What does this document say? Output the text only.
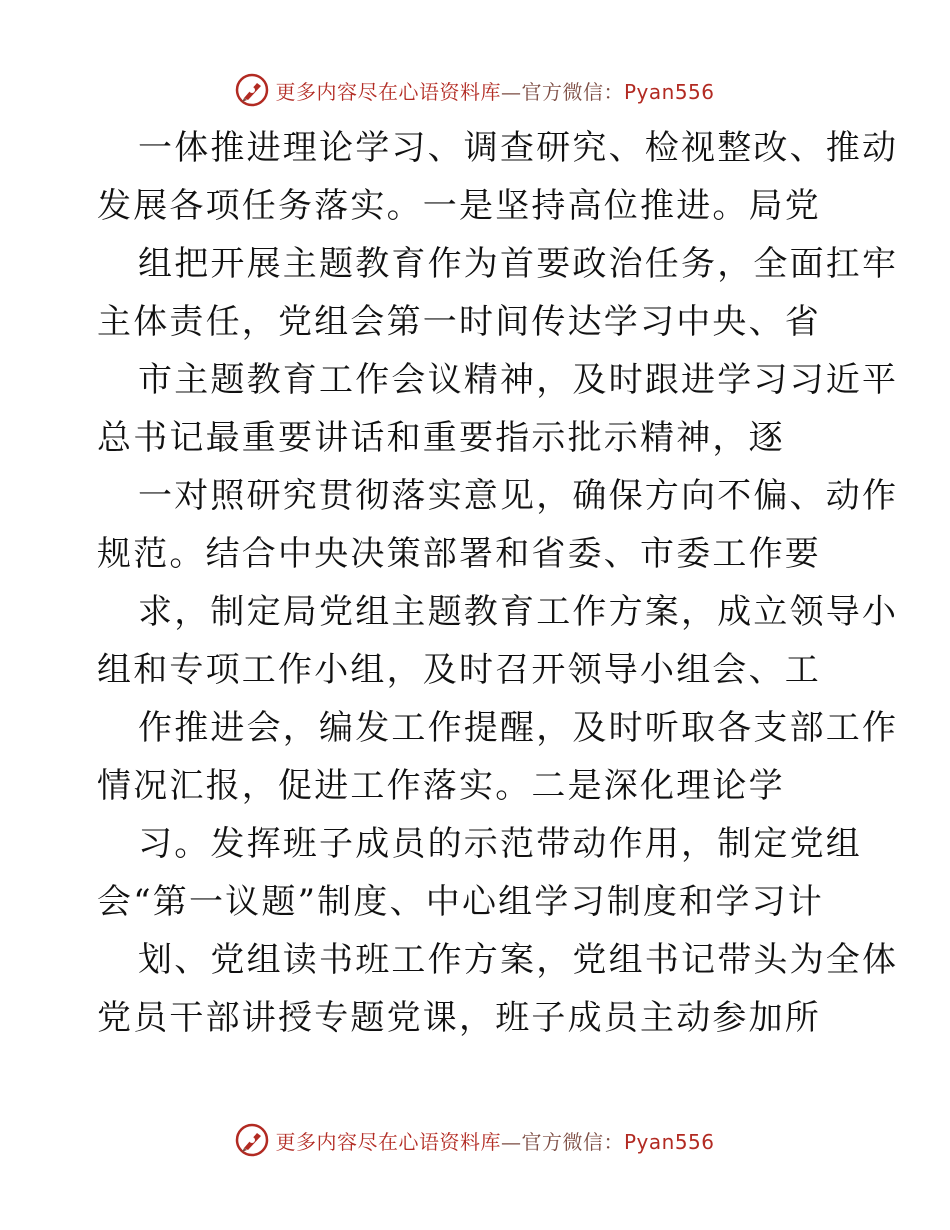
更多内容尽在心语资料库—官方微信：Pyan556
一体推进理论学习、调查研究、检视整改、推动
发展各项任务落实。一是坚持高位推进。局党
组把开展主题教育作为首要政治任务，全面扛牢
主体责任，党组会第一时间传达学习中央、省
市主题教育工作会议精神，及时跟进学习习近平
总书记最重要讲话和重要指示批示精神，逐
一对照研究贯彻落实意见，确保方向不偏、动作
规范。结合中央决策部署和省委、市委工作要
求，制定局党组主题教育工作方案，成立领导小
组和专项工作小组，及时召开领导小组会、工
作推进会，编发工作提醒，及时听取各支部工作
情况汇报，促进工作落实。二是深化理论学
习。发挥班子成员的示范带动作用，制定党组
会“第一议题”制度、中心组学习制度和学习计
划、党组读书班工作方案，党组书记带头为全体
党员干部讲授专题党课，班子成员主动参加所
更多内容尽在心语资料库—官方微信：Pyan556
